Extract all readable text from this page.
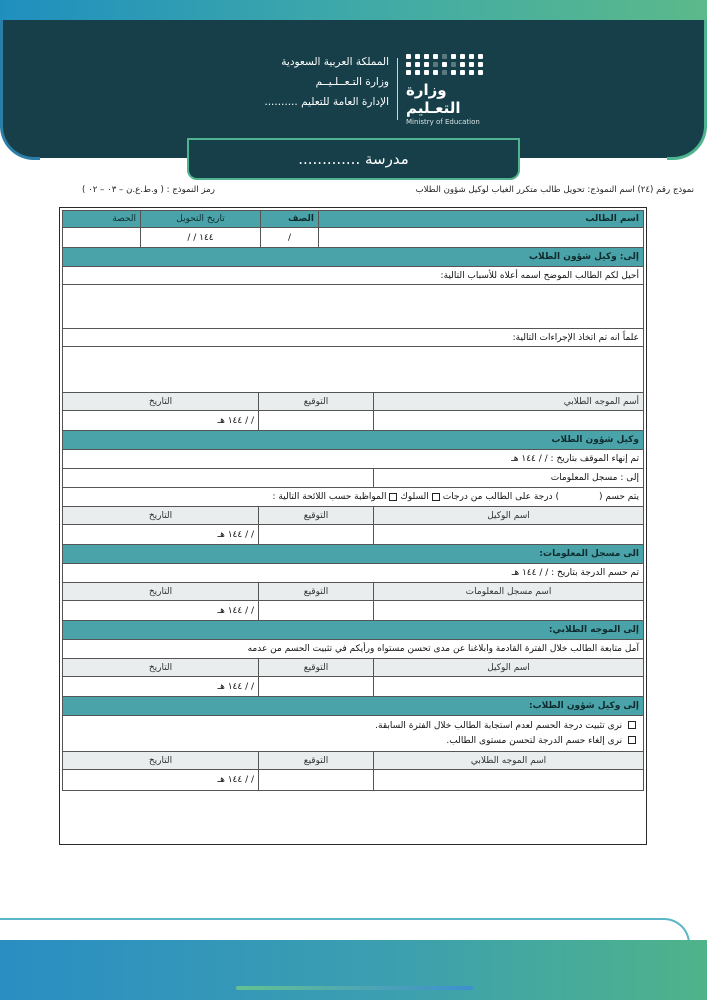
المملكة العربية السعودية
وزارة التـعــلـيــم
الإدارة العامة للتعليم ..........
وزارة التعـليم
Ministry of Education
مدرسة .............
نموذج رقم (٢٤) اسم النموذج: تحويل طالب متكرر الغياب لوكيل شؤون الطلاب
رمز النموذج : ( و.ط.ع.ن – ٠٣ – ٠٢ )
اسم الطالب
الصف
تاريخ التحويل
الحصة
/
١٤٤ / /
إلى: وكيل شؤون الطلاب
أحيل لكم الطالب الموضح اسمه أعلاه للأسباب التالية:
علماً انه تم اتخاذ الإجراءات التالية:
أسم الموجه الطلابي
التوقيع
التاريخ
/ / ١٤٤ هـ
وكيل شؤون الطلاب
تم إنهاء الموقف بتاريخ : / / ١٤٤ هـ
إلى : مسجل المعلومات
يتم حسم (
) درجة على الطالب من درجات
السلوك
المواظبة حسب اللائحة التالية :
اسم الوكيل
التوقيع
التاريخ
/ / ١٤٤ هـ
الى مسجل المعلومات:
تم حسم الدرجة بتاريخ : / / ١٤٤ هـ
اسم مسجل المعلومات
التوقيع
التاريخ
/ / ١٤٤ هـ
إلى الموجه الطلابي:
آمل متابعة الطالب خلال الفترة القادمة وابلاغنا عن مدى تحسن مستواه ورأيكم في تثبيت الحسم من عدمه
اسم الوكيل
التوقيع
التاريخ
/ / ١٤٤ هـ
إلى وكيل شؤون الطلاب:
نرى تثبيت درجة الحسم لعدم استجابة الطالب خلال الفترة السابقة.
نرى إلغاء حسم الدرجة لتحسن مستوى الطالب.
اسم الموجه الطلابي
التوقيع
التاريخ
/ / ١٤٤ هـ
